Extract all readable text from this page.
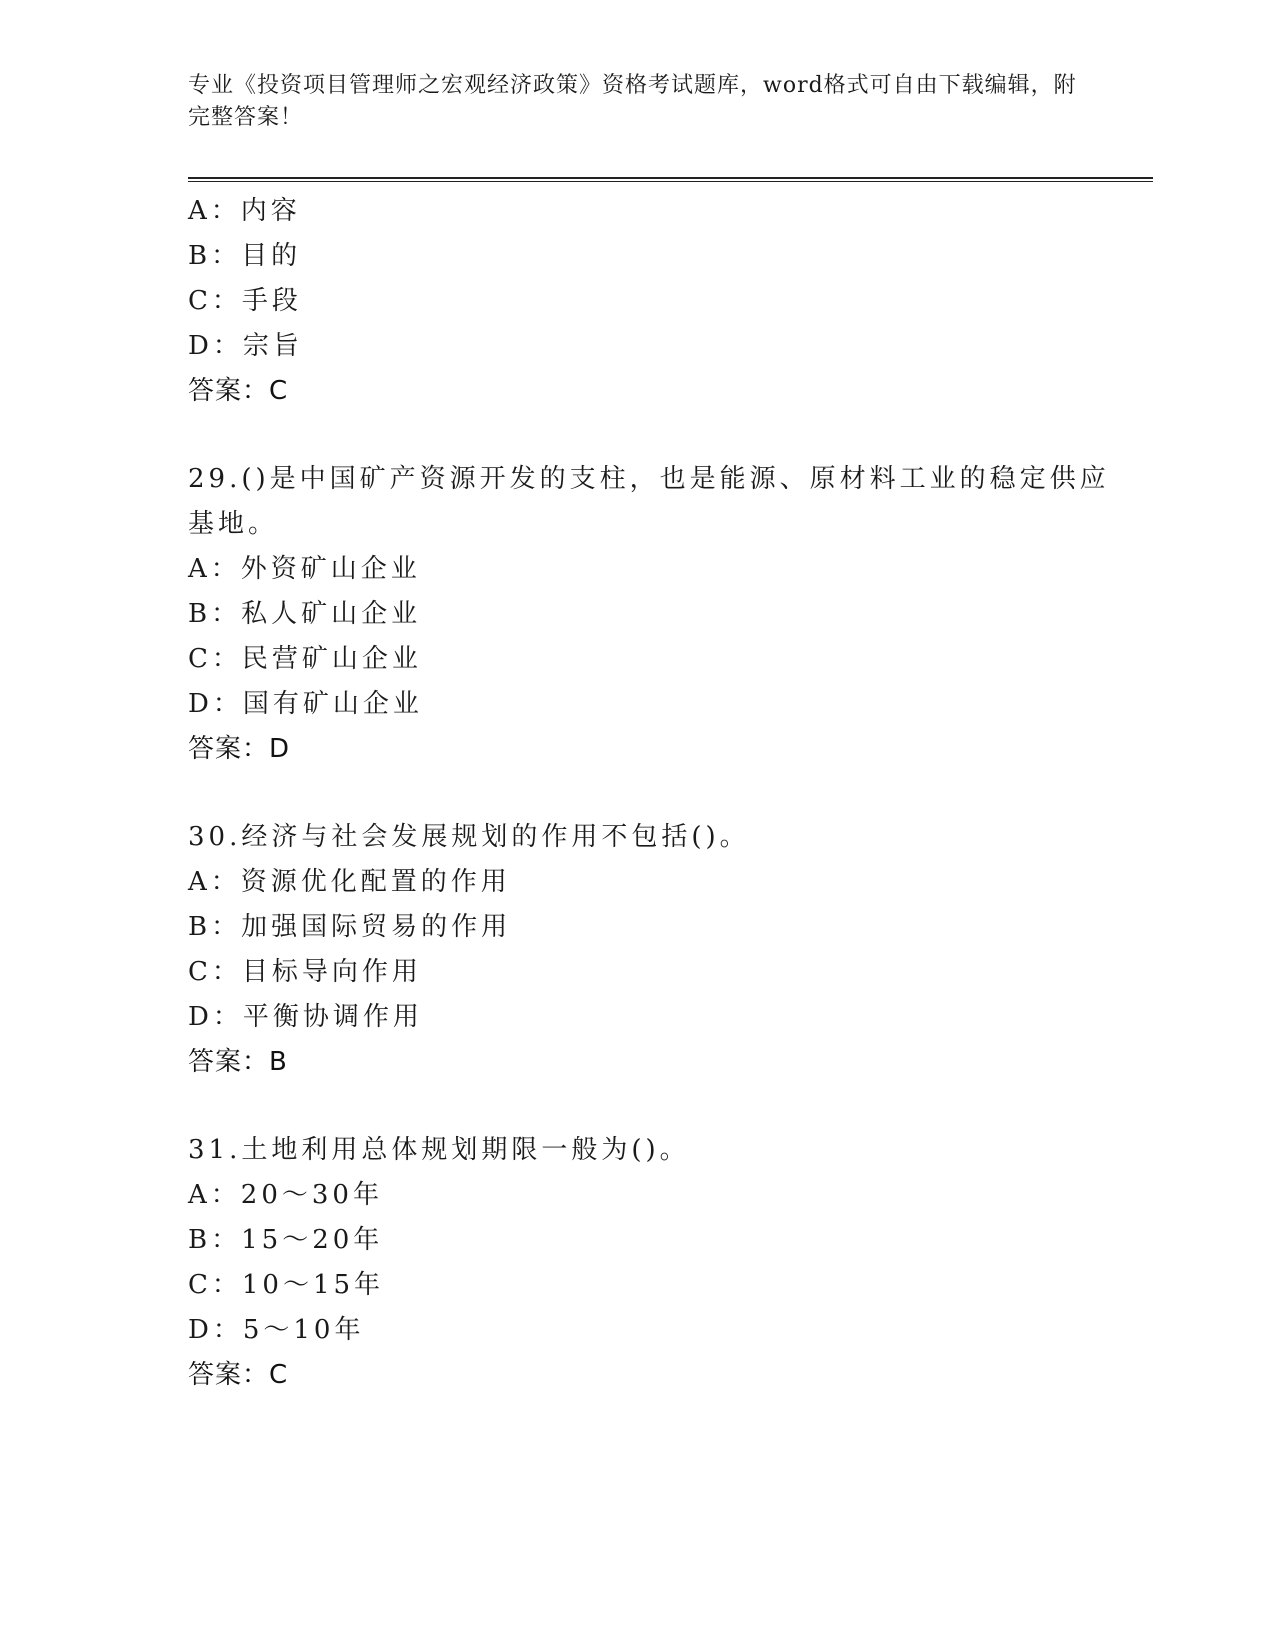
专业《投资项目管理师之宏观经济政策》资格考试题库，word格式可自由下载编辑，附完整答案！
A：内容
B：目的
C：手段
D：宗旨
答案：C
29.()是中国矿产资源开发的支柱，也是能源、原材料工业的稳定供应
基地。
A：外资矿山企业
B：私人矿山企业
C：民营矿山企业
D：国有矿山企业
答案：D
30.经济与社会发展规划的作用不包括()。
A：资源优化配置的作用
B：加强国际贸易的作用
C：目标导向作用
D：平衡协调作用
答案：B
31.土地利用总体规划期限一般为()。
A：20～30年
B：15～20年
C：10～15年
D：5～10年
答案：C
